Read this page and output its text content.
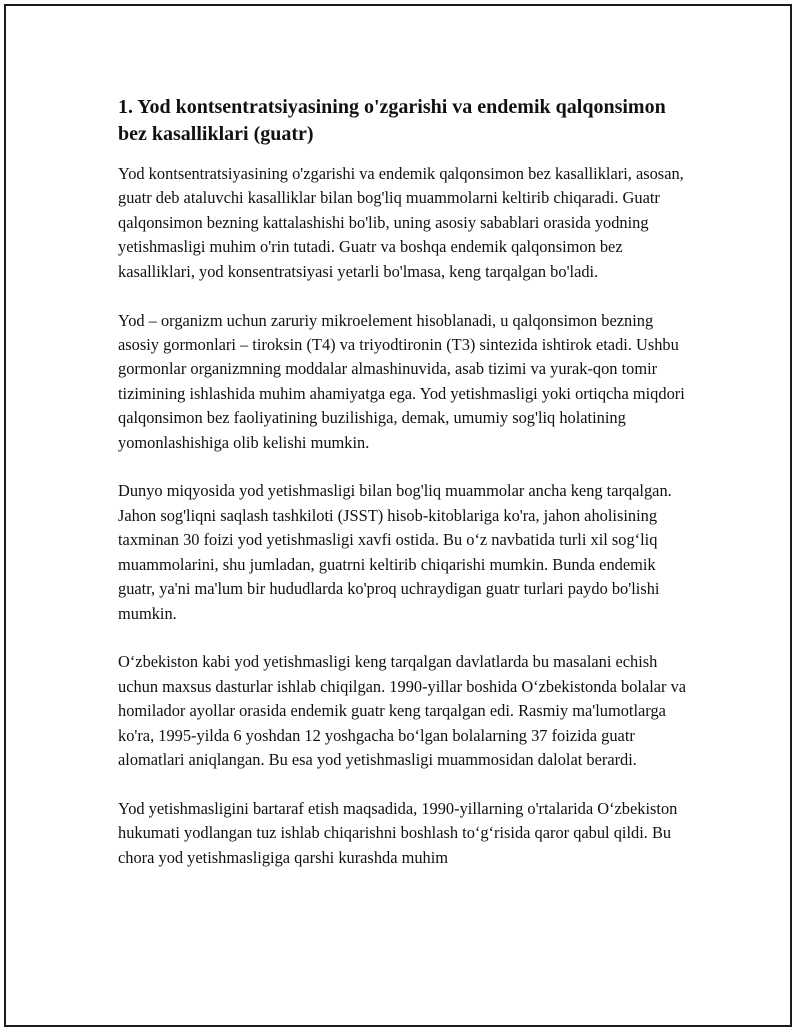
1. Yod kontsentratsiyasining o'zgarishi va endemik qalqonsimon bez kasalliklari (guatr)

Yod kontsentratsiyasining o'zgarishi va endemik qalqonsimon bez kasalliklari, asosan, guatr deb ataluvchi kasalliklar bilan bog'liq muammolarni keltirib chiqaradi. Guatr qalqonsimon bezning kattalashishi bo'lib, uning asosiy sabablari orasida yodning yetishmasligi muhim o'rin tutadi. Guatr va boshqa endemik qalqonsimon bez kasalliklari, yod konsentratsiyasi yetarli bo'lmasa, keng tarqalgan bo'ladi.

Yod – organizm uchun zaruriy mikroelement hisoblanadi, u qalqonsimon bezning asosiy gormonlari – tiroksin (T4) va triyodtironin (T3) sintezida ishtirok etadi. Ushbu gormonlar organizmning moddalar almashinuvida, asab tizimi va yurak-qon tomir tizimining ishlashida muhim ahamiyatga ega. Yod yetishmasligi yoki ortiqcha miqdori qalqonsimon bez faoliyatining buzilishiga, demak, umumiy sog'liq holatining yomonlashishiga olib kelishi mumkin.

Dunyo miqyosida yod yetishmasligi bilan bog'liq muammolar ancha keng tarqalgan. Jahon sog'liqni saqlash tashkiloti (JSST) hisob-kitoblariga ko'ra, jahon aholisining taxminan 30 foizi yod yetishmasligi xavfi ostida. Bu o‘z navbatida turli xil sog‘liq muammolarini, shu jumladan, guatrni keltirib chiqarishi mumkin. Bunda endemik guatr, ya'ni ma'lum bir hududlarda ko'proq uchraydigan guatr turlari paydo bo'lishi mumkin.

O‘zbekiston kabi yod yetishmasligi keng tarqalgan davlatlarda bu masalani echish uchun maxsus dasturlar ishlab chiqilgan. 1990-yillar boshida O‘zbekistonda bolalar va homilador ayollar orasida endemik guatr keng tarqalgan edi. Rasmiy ma'lumotlarga ko'ra, 1995-yilda 6 yoshdan 12 yoshgacha bo‘lgan bolalarning 37 foizida guatr alomatlari aniqlangan. Bu esa yod yetishmasligi muammosidan dalolat berardi.

Yod yetishmasligini bartaraf etish maqsadida, 1990-yillarning o'rtalarida O‘zbekiston hukumati yodlangan tuz ishlab chiqarishni boshlash to‘g‘risida qaror qabul qildi. Bu chora yod yetishmasligiga qarshi kurashda muhim
